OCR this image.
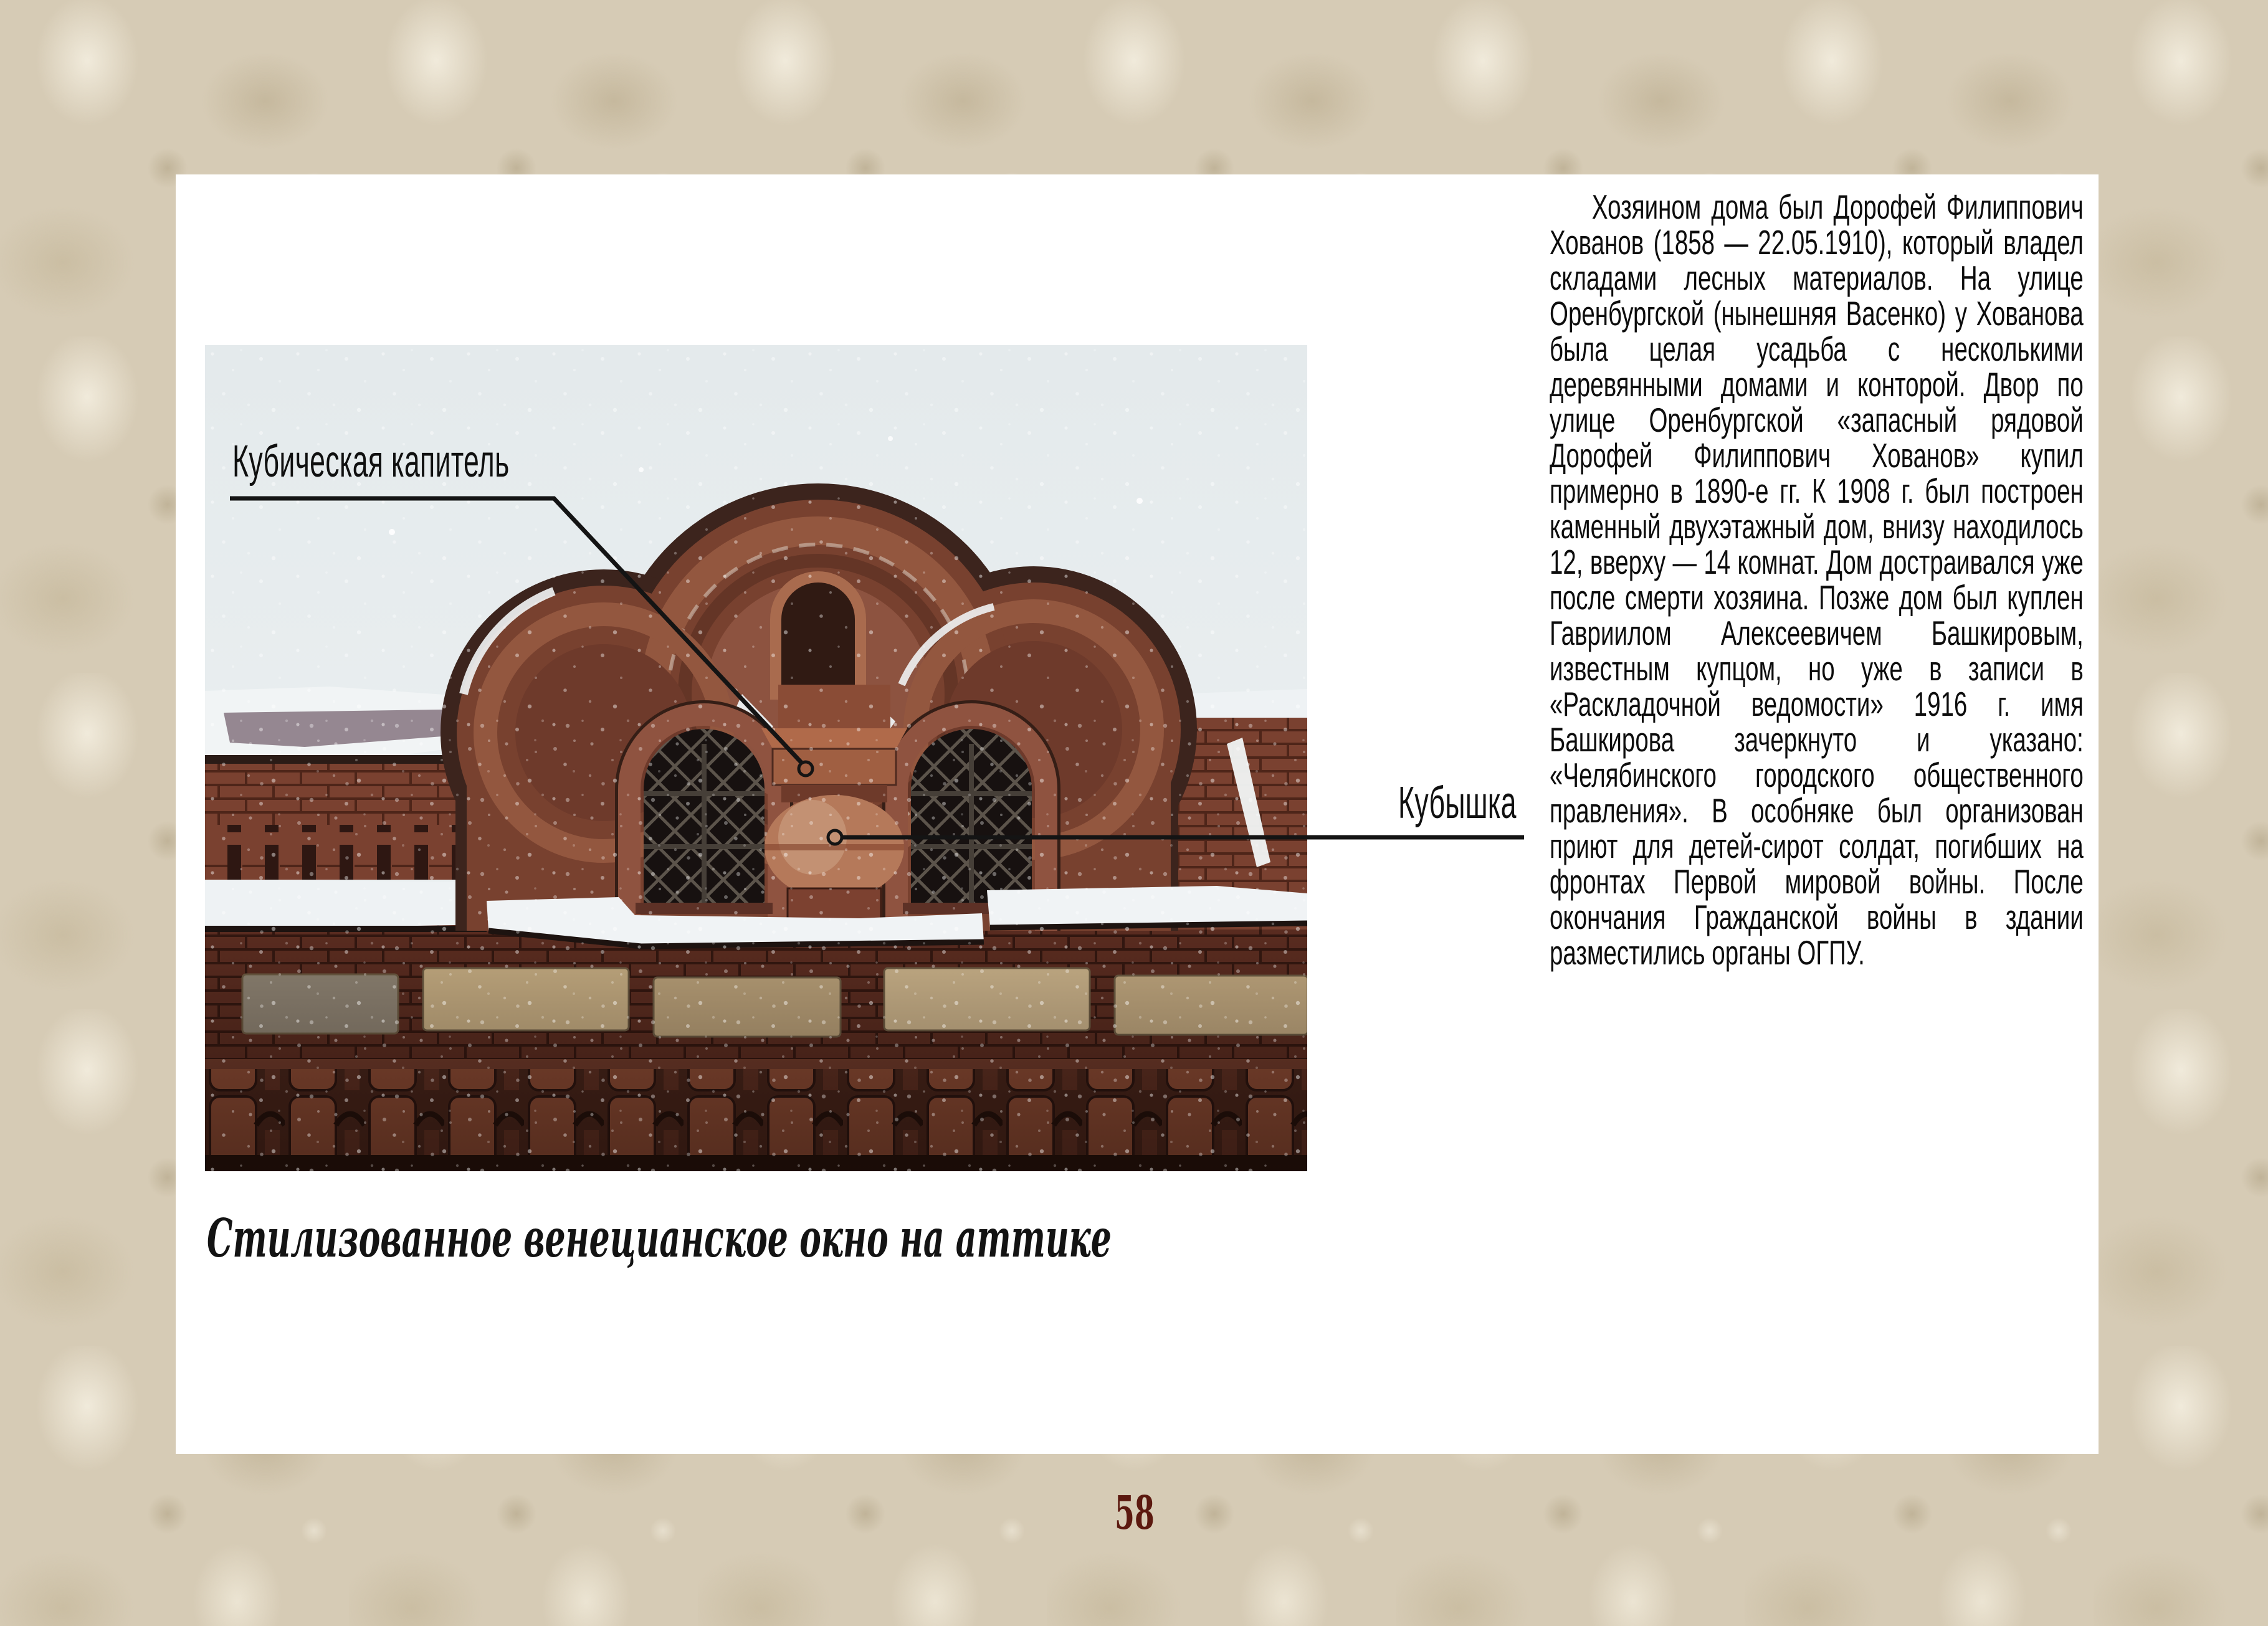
Хозяином дома был Дорофей Филиппович Хованов (1858 — 22.05.1910), который владел складами лесных материалов. На улице Оренбургской (нынешняя Васенко) у Хованова была целая усадьба с несколькими деревянными домами и конторой. Двор по улице Оренбургской «запасный рядовой Дорофей Филиппович Хованов» купил примерно в 1890-е гг. К 1908 г. был построен каменный двухэтажный дом, внизу находилось 12, вверху — 14 комнат. Дом достраивался уже после смерти хозяина. Позже дом был куплен Гавриилом Алексеевичем Башкировым, известным купцом, но уже в записи в «Раскладочной ведомости» 1916 г. имя Башкирова зачеркнуто и указано: «Челябинского городского общественного правления». В особняке был организован приют для детей-сирот солдат, погибших на фронтах Первой мировой войны. После окончания Гражданской войны в здании разместились органы ОГПУ.
Стилизованное венецианское окно на аттике
Кубическая капитель
Кубышка
58
